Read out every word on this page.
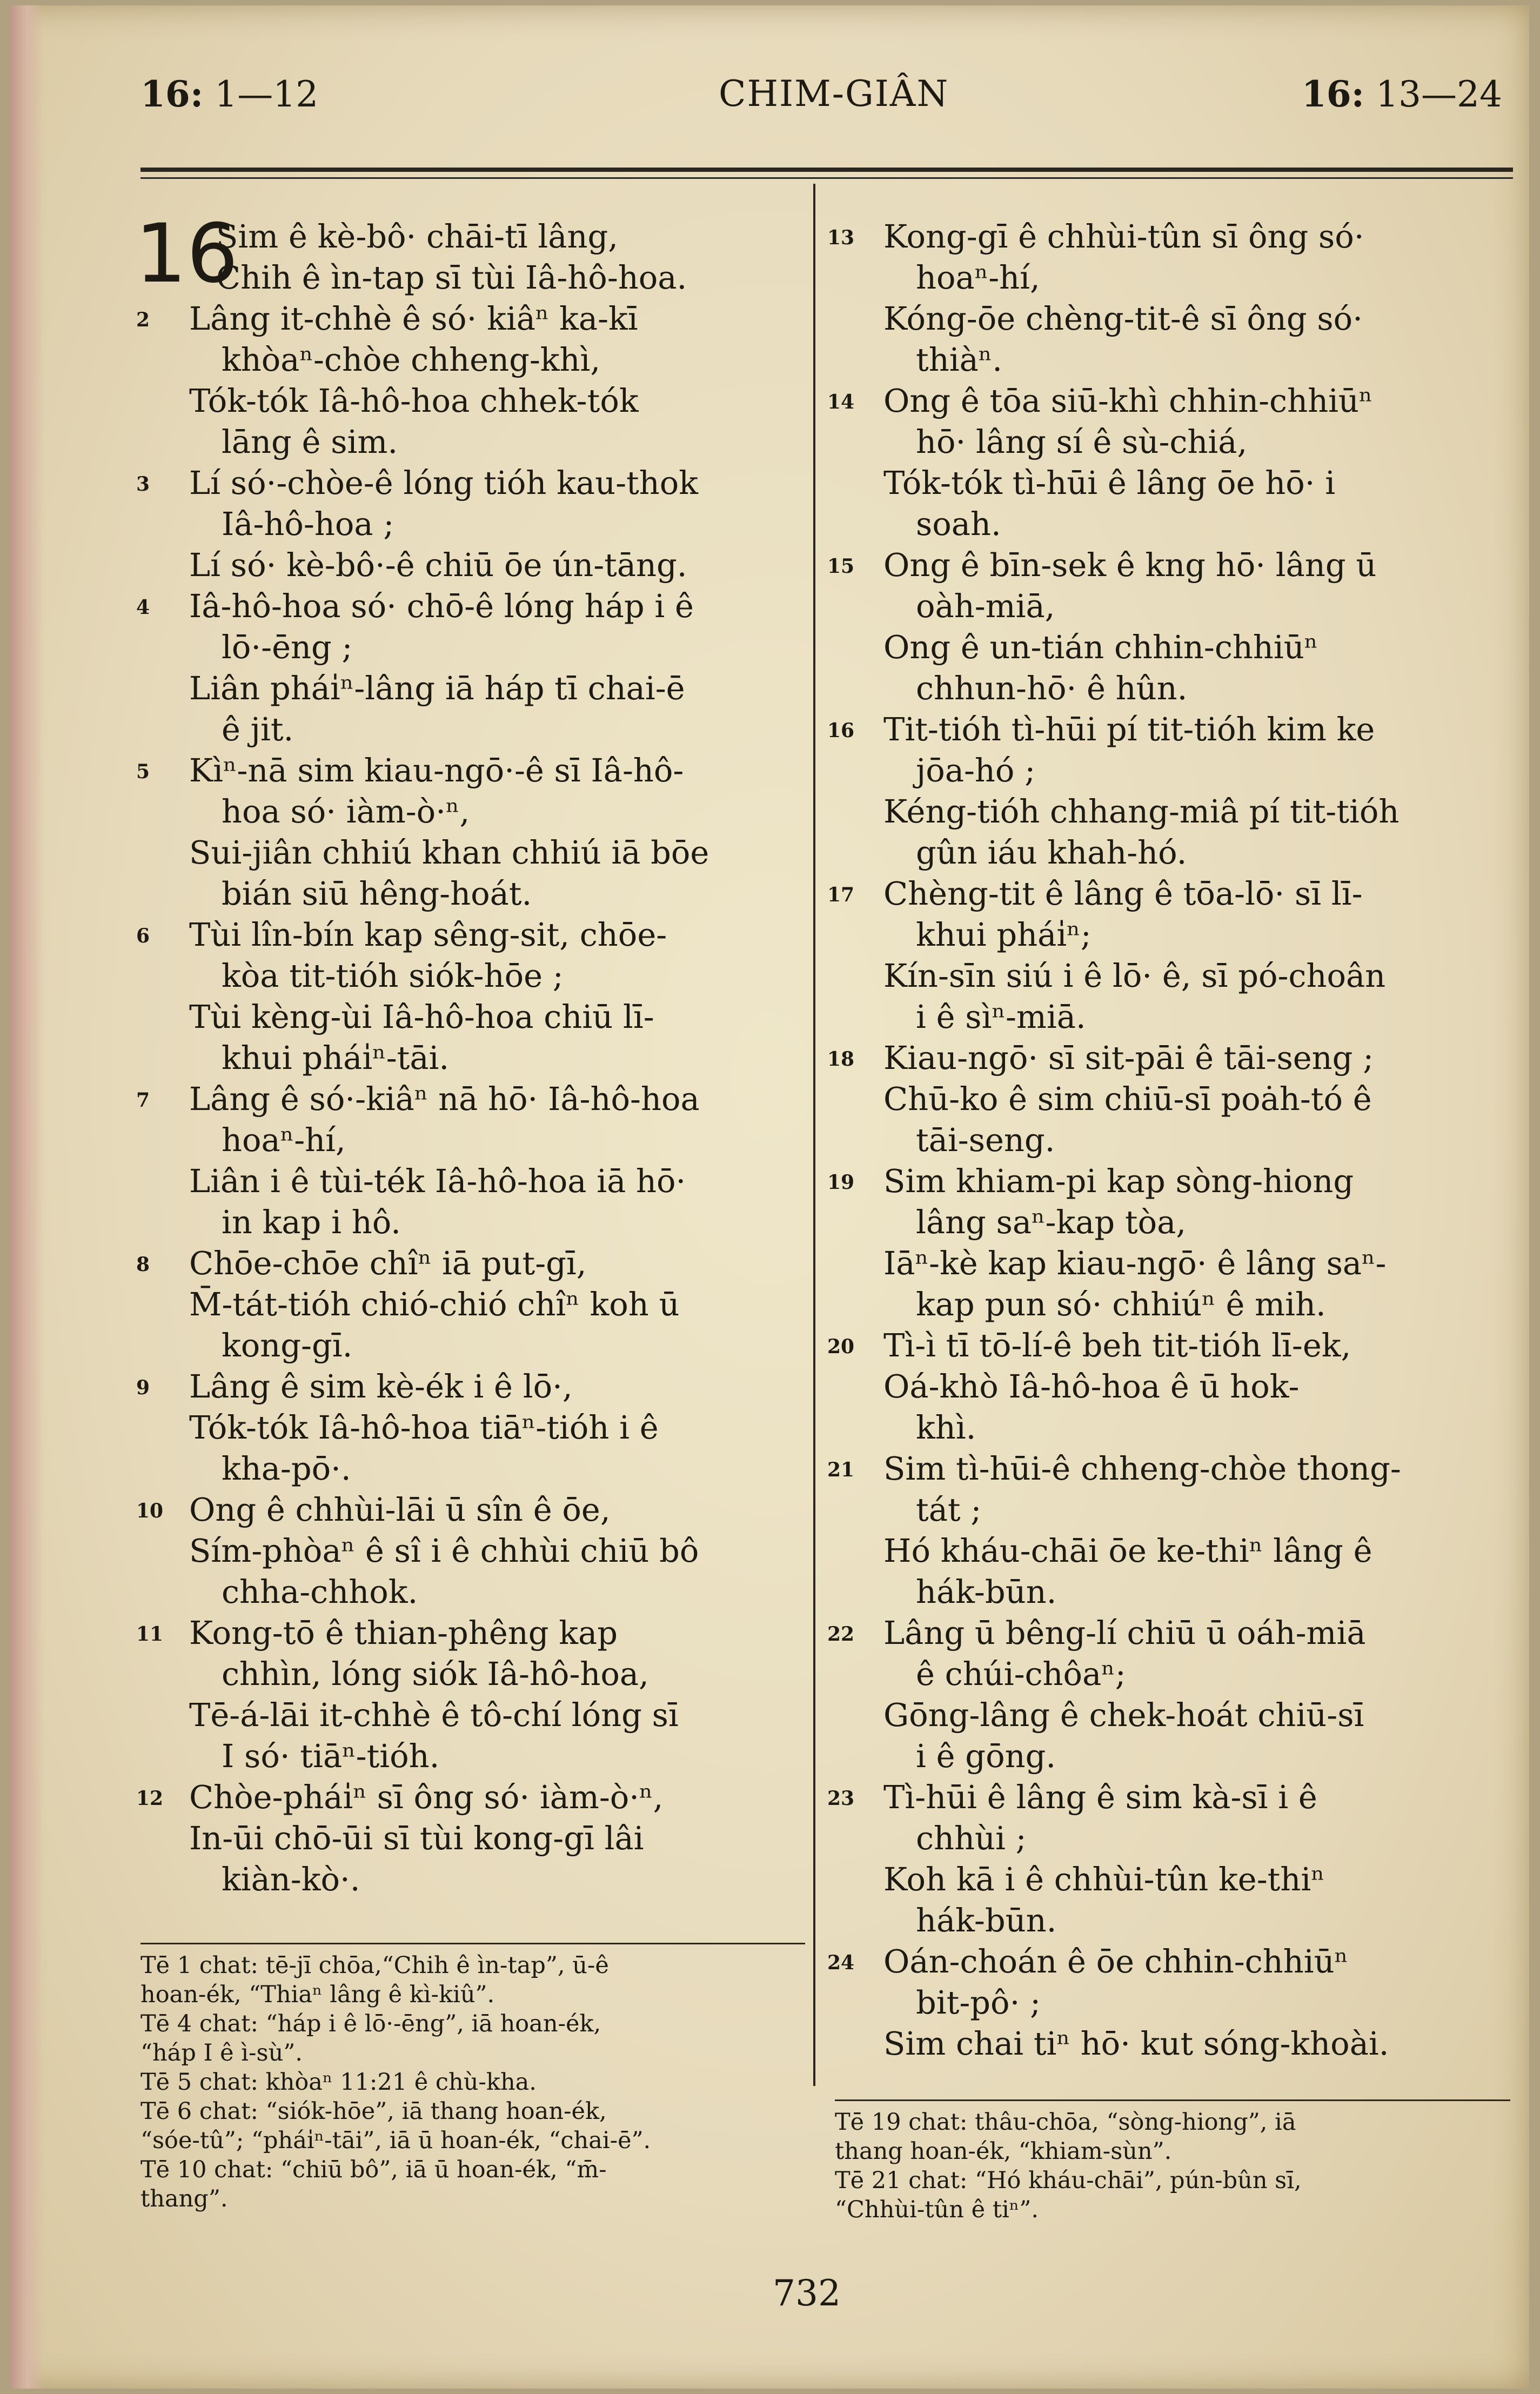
16: 1—12	CHIM-GIÂN	16: 13—24
16
Sim ê kè-bô· chāi-tī lâng,
Chih ê ìn-tap sī tùi Iâ-hô-hoa.
2	Lâng it-chhè ê só· kiâⁿ ka-kī
khòaⁿ-chòe chheng-khì,
Tók-tók Iâ-hô-hoa chhek-tók
lāng ê sim.
3	Lí só·-chòe-ê lóng tióh kau-thok
Iâ-hô-hoa ;
Lí só· kè-bô·-ê chiū ōe ún-tāng.
4	Iâ-hô-hoa só· chō-ê lóng háp i ê
lō·-ēng ;
Liân phái̍ⁿ-lâng iā háp tī chai-ē
ê jit.
5	Kìⁿ-nā sim kiau-ngō·-ê sī Iâ-hô-
hoa só· iàm-ò·ⁿ,
Sui-jiân chhiú khan chhiú iā bōe
bián siū hêng-hoát.
6	Tùi lîn-bín kap sêng-sit, chōe-
kòa tit-tióh siók-hōe ;
Tùi kèng-ùi Iâ-hô-hoa chiū lī-
khui phái̍ⁿ-tāi.
7	Lâng ê só·-kiâⁿ nā hō· Iâ-hô-hoa
hoaⁿ-hí,
Liân i ê tùi-ték Iâ-hô-hoa iā hō·
in kap i hô.
8	Chōe-chōe chîⁿ iā put-gī,
M̄-tát-tióh chió-chió chîⁿ koh ū
kong-gī.
9	Lâng ê sim kè-ék i ê lō·,
Tók-tók Iâ-hô-hoa tiāⁿ-tióh i ê
kha-pō·.
10 Ong ê chhùi-lāi ū sîn ê ōe,
Sím-phòaⁿ ê sî i ê chhùi chiū bô
chha-chhok.
11 Kong-tō ê thian-phêng kap
chhìn, lóng siók Iâ-hô-hoa,
Tē-á-lāi it-chhè ê tô-chí lóng sī
I só· tiāⁿ-tióh.
12 Chòe-phái̍ⁿ sī ông só· iàm-ò·ⁿ,
In-ūi chō-ūi sī tùi kong-gī lâi
kiàn-kò·.
13 Kong-gī ê chhùi-tûn sī ông só·
hoaⁿ-hí,
Kóng-ōe chèng-tit-ê sī ông só·
thiàⁿ.
14 Ong ê tōa siū-khì chhin-chhiūⁿ
hō· lâng sí ê sù-chiá,
Tók-tók tì-hūi ê lâng ōe hō· i
soah.
15 Ong ê bīn-sek ê kng hō· lâng ū
oàh-miā,
Ong ê un-tián chhin-chhiūⁿ
chhun-hō· ê hûn.
16 Tit-tióh tì-hūi pí tit-tióh kim ke
jōa-hó ;
Kéng-tióh chhang-miâ pí tit-tióh
gûn iáu khah-hó.
17 Chèng-tit ê lâng ê tōa-lō· sī lī-
khui phái̍ⁿ;
Kín-sīn siú i ê lō· ê, sī pó-choân
i ê sìⁿ-miā.
18 Kiau-ngō· sī sit-pāi ê tāi-seng ;
Chū-ko ê sim chiū-sī poȧh-tó ê
tāi-seng.
19 Sim khiam-pi kap sòng-hiong
lâng saⁿ-kap tòa,
Iāⁿ-kè kap kiau-ngō· ê lâng saⁿ-
kap pun só· chhiúⁿ ê mih.
20 Tì-ì tī tō-lí-ê beh tit-tióh lī-ek,
Oá-khò Iâ-hô-hoa ê ū hok-
khì.
21 Sim tì-hūi-ê chheng-chòe thong-
tát ;
Hó kháu-chāi ōe ke-thiⁿ lâng ê
hák-būn.
22 Lâng ū bêng-lí chiū ū oáh-miā
ê chúi-chôaⁿ;
Gōng-lâng ê chek-hoát chiū-sī
i ê gōng.
23 Tì-hūi ê lâng ê sim kà-sī i ê
chhùi ;
Koh kā i ê chhùi-tûn ke-thiⁿ
hák-būn.
24 Oán-choán ê ōe chhin-chhiūⁿ
bit-pô· ;
Sim chai tiⁿ hō· kut sóng-khoài.
Tē 1 chat: tē-jī chōa,“Chih ê ìn-tap”, ū-ê
hoan-ék, “Thiaⁿ lâng ê kì-kiû”.
Tē 4 chat: “háp i ê lō·-ēng”, iā hoan-ék,
“háp I ê ì-sù”.
Tē 5 chat: khòaⁿ 11:21 ê chù-kha.
Tē 6 chat: “siók-hōe”, iā thang hoan-ék,
“sóe-tû”; “phái̍ⁿ-tāi”, iā ū hoan-ék, “chai-ē”.
Tē 10 chat: “chiū bô”, iā ū hoan-ék, “m̄-
thang”.
Tē 19 chat: thâu-chōa, “sòng-hiong”, iā
thang hoan-ék, “khiam-sùn”.
Tē 21 chat: “Hó kháu-chāi”, pún-bûn sī,
“Chhùi-tûn ê tiⁿ”.
732
